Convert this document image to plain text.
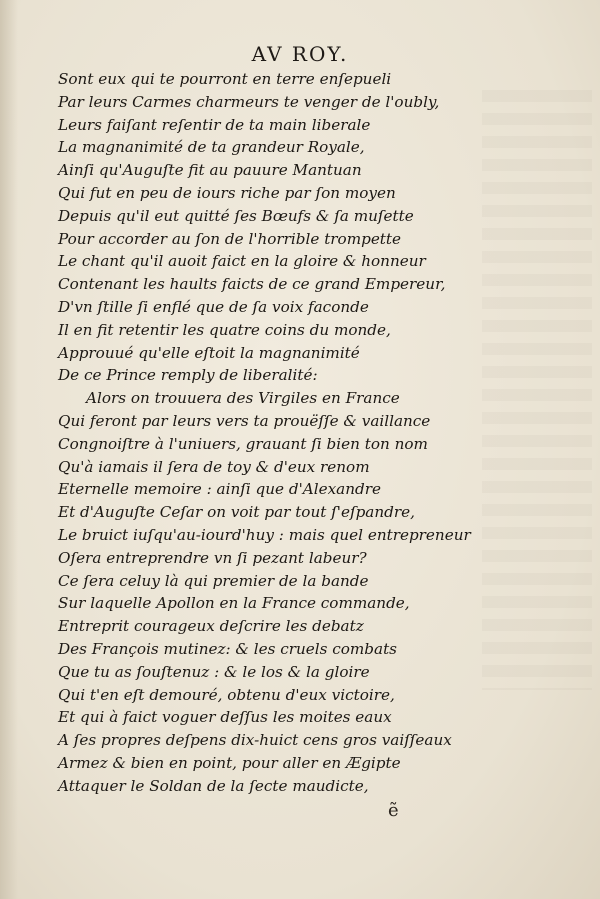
AV ROY.
Sont eux qui te pourront en terre enſepueli
Par leurs Carmes charmeurs te venger de l'oubly,
Leurs faiſant reſentir de ta main liberale
La magnanimité de ta grandeur Royale,
Ainſi qu'Auguſte fit au pauure Mantuan
Qui fut en peu de iours riche par ſon moyen
Depuis qu'il eut quitté ſes Bœufs & ſa muſette
Pour accorder au ſon de l'horrible trompette
Le chant qu'il auoit faict en la gloire & honneur
Contenant les haults faicts de ce grand Empereur,
D'vn ſtille ſi enflé que de ſa voix faconde
Il en fit retentir les quatre coins du monde,
Approuué qu'elle eſtoit la magnanimité
De ce Prince remply de liberalité:
Alors on trouuera des Virgiles en France
Qui feront par leurs vers ta prouëſſe & vaillance
Congnoiſtre à l'uniuers, grauant ſi bien ton nom
Qu'à iamais il ſera de toy & d'eux renom
Eternelle memoire : ainſi que d'Alexandre
Et d'Auguſte Ceſar on voit par tout ſ'eſpandre,
Le bruict iuſqu'au-iourd'huy : mais quel entrepreneur
Oſera entreprendre vn ſi pezant labeur?
Ce ſera celuy là qui premier de la bande
Sur laquelle Apollon en la France commande,
Entreprit courageux deſcrire les debatz
Des François mutinez: & les cruels combats
Que tu as ſouſtenuz : & le los & la gloire
Qui t'en eſt demouré, obtenu d'eux victoire,
Et qui à faict voguer deſſus les moites eaux
A ſes propres deſpens dix-huict cens gros vaiſſeaux
Armez & bien en point, pour aller en Ægipte
Attaquer le Soldan de la ſecte maudicte,
ẽ
